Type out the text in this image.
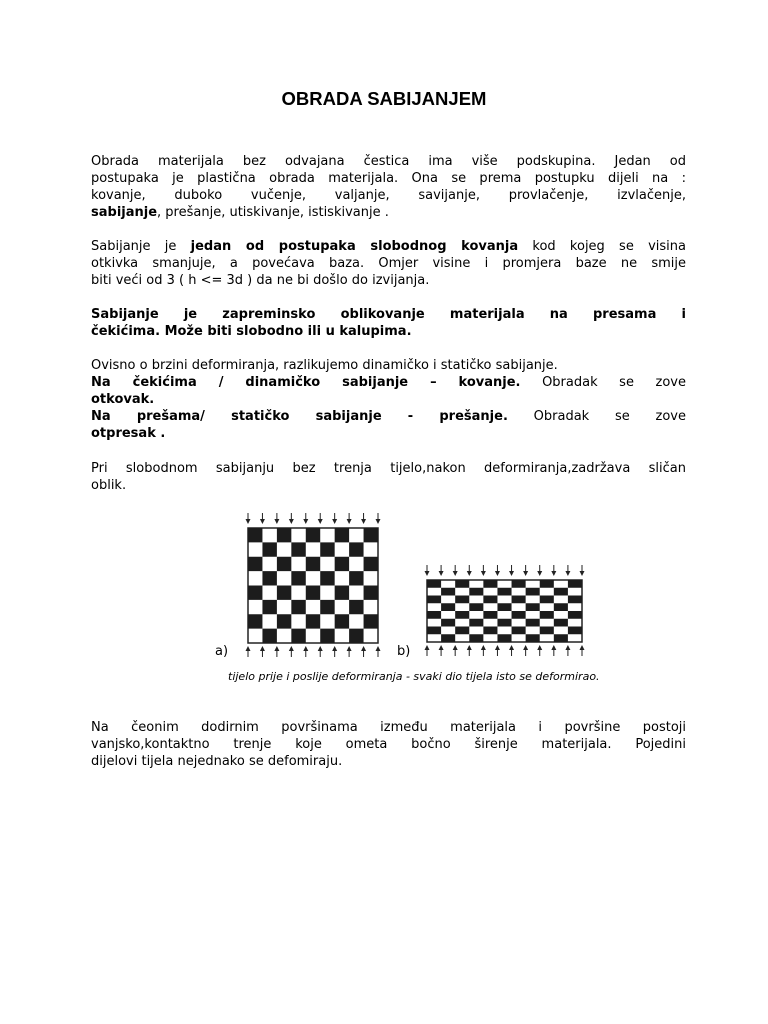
OBRADA SABIJANJEM
Obrada materijala bez odvajana čestica ima više podskupina. Jedan od
postupaka je plastična obrada materijala. Ona se prema postupku dijeli na :
kovanje, duboko vučenje, valjanje, savijanje, provlačenje, izvlačenje,
sabijanje, prešanje, utiskivanje, istiskivanje .
Sabijanje je jedan od postupaka slobodnog kovanja kod kojeg se visina
otkivka smanjuje, a povećava baza. Omjer visine i promjera baze ne smije
biti veći od 3 ( h <= 3d ) da ne bi došlo do izvijanja.
Sabijanje je zapreminsko oblikovanje materijala na presama i
čekićima. Može biti slobodno ili u kalupima.
Ovisno o brzini deformiranja, razlikujemo dinamičko i statičko sabijanje.
Na čekićima / dinamičko sabijanje – kovanje. Obradak se zove
otkovak.
Na prešama/ statičko sabijanje - prešanje. Obradak se zove
otpresak .
Pri slobodnom sabijanju bez trenja tijelo,nakon deformiranja,zadržava sličan
oblik.
a)	b)

tijelo prije i poslije deformiranja - svaki dio tijela isto se deformirao.

Na čeonim dodirnim površinama između materijala i površine postoji
vanjsko,kontaktno trenje koje ometa bočno širenje materijala. Pojedini
dijelovi tijela nejednako se defomiraju.
